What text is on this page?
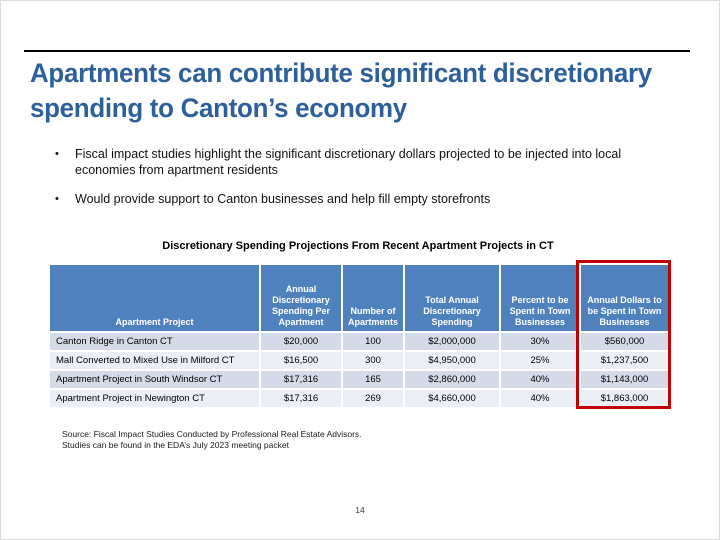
Apartments can contribute significant discretionary
spending to Canton’s economy
•	Fiscal impact studies highlight the significant discretionary dollars projected to be injected into local economies from apartment residents
•	Would provide support to Canton businesses and help fill empty storefronts
Discretionary Spending Projections From Recent Apartment Projects in CT
Apartment Project	Annual Discretionary Spending Per Apartment	Number of Apartments	Total Annual Discretionary Spending	Percent to be Spent in Town Businesses	Annual Dollars to be Spent in Town Businesses
Canton Ridge in Canton CT	$20,000	100	$2,000,000	30%	$560,000
Mall Converted to Mixed Use in Milford CT	$16,500	300	$4,950,000	25%	$1,237,500
Apartment Project in South Windsor CT	$17,316	165	$2,860,000	40%	$1,143,000
Apartment Project in Newington CT	$17,316	269	$4,660,000	40%	$1,863,000
Source: Fiscal Impact Studies Conducted by Professional Real Estate Advisors.
Studies can be found in the EDA’s July 2023 meeting packet
14
